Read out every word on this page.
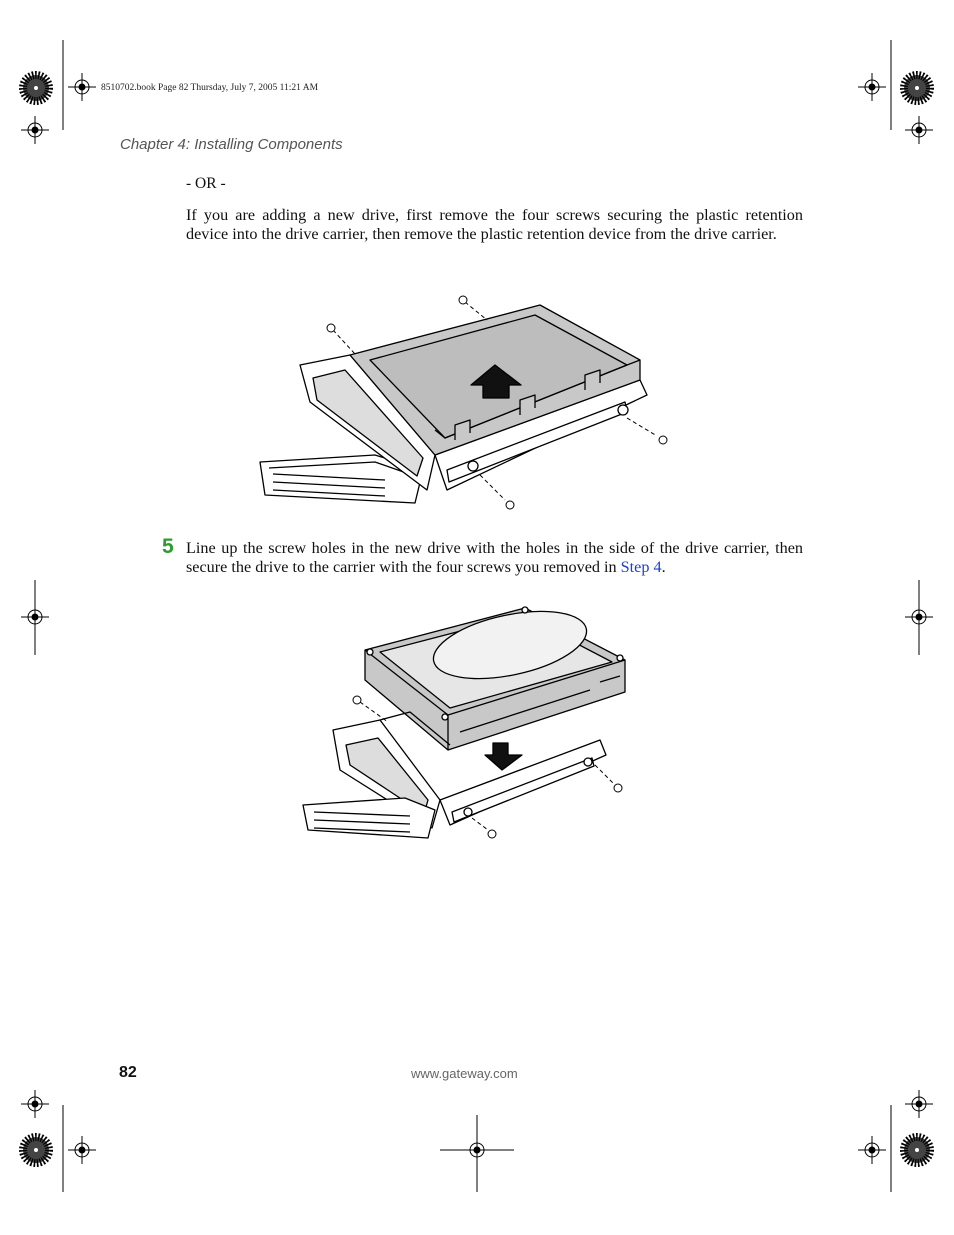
8510702.book Page 82 Thursday, July 7, 2005 11:21 AM
Chapter 4: Installing Components
- OR -
If you are adding a new drive, first remove the four screws securing the plastic retention device into the drive carrier, then remove the plastic retention device from the drive carrier.
5 Line up the screw holes in the new drive with the holes in the side of the drive carrier, then secure the drive to the carrier with the four screws you removed in Step 4.
82	www.gateway.com
